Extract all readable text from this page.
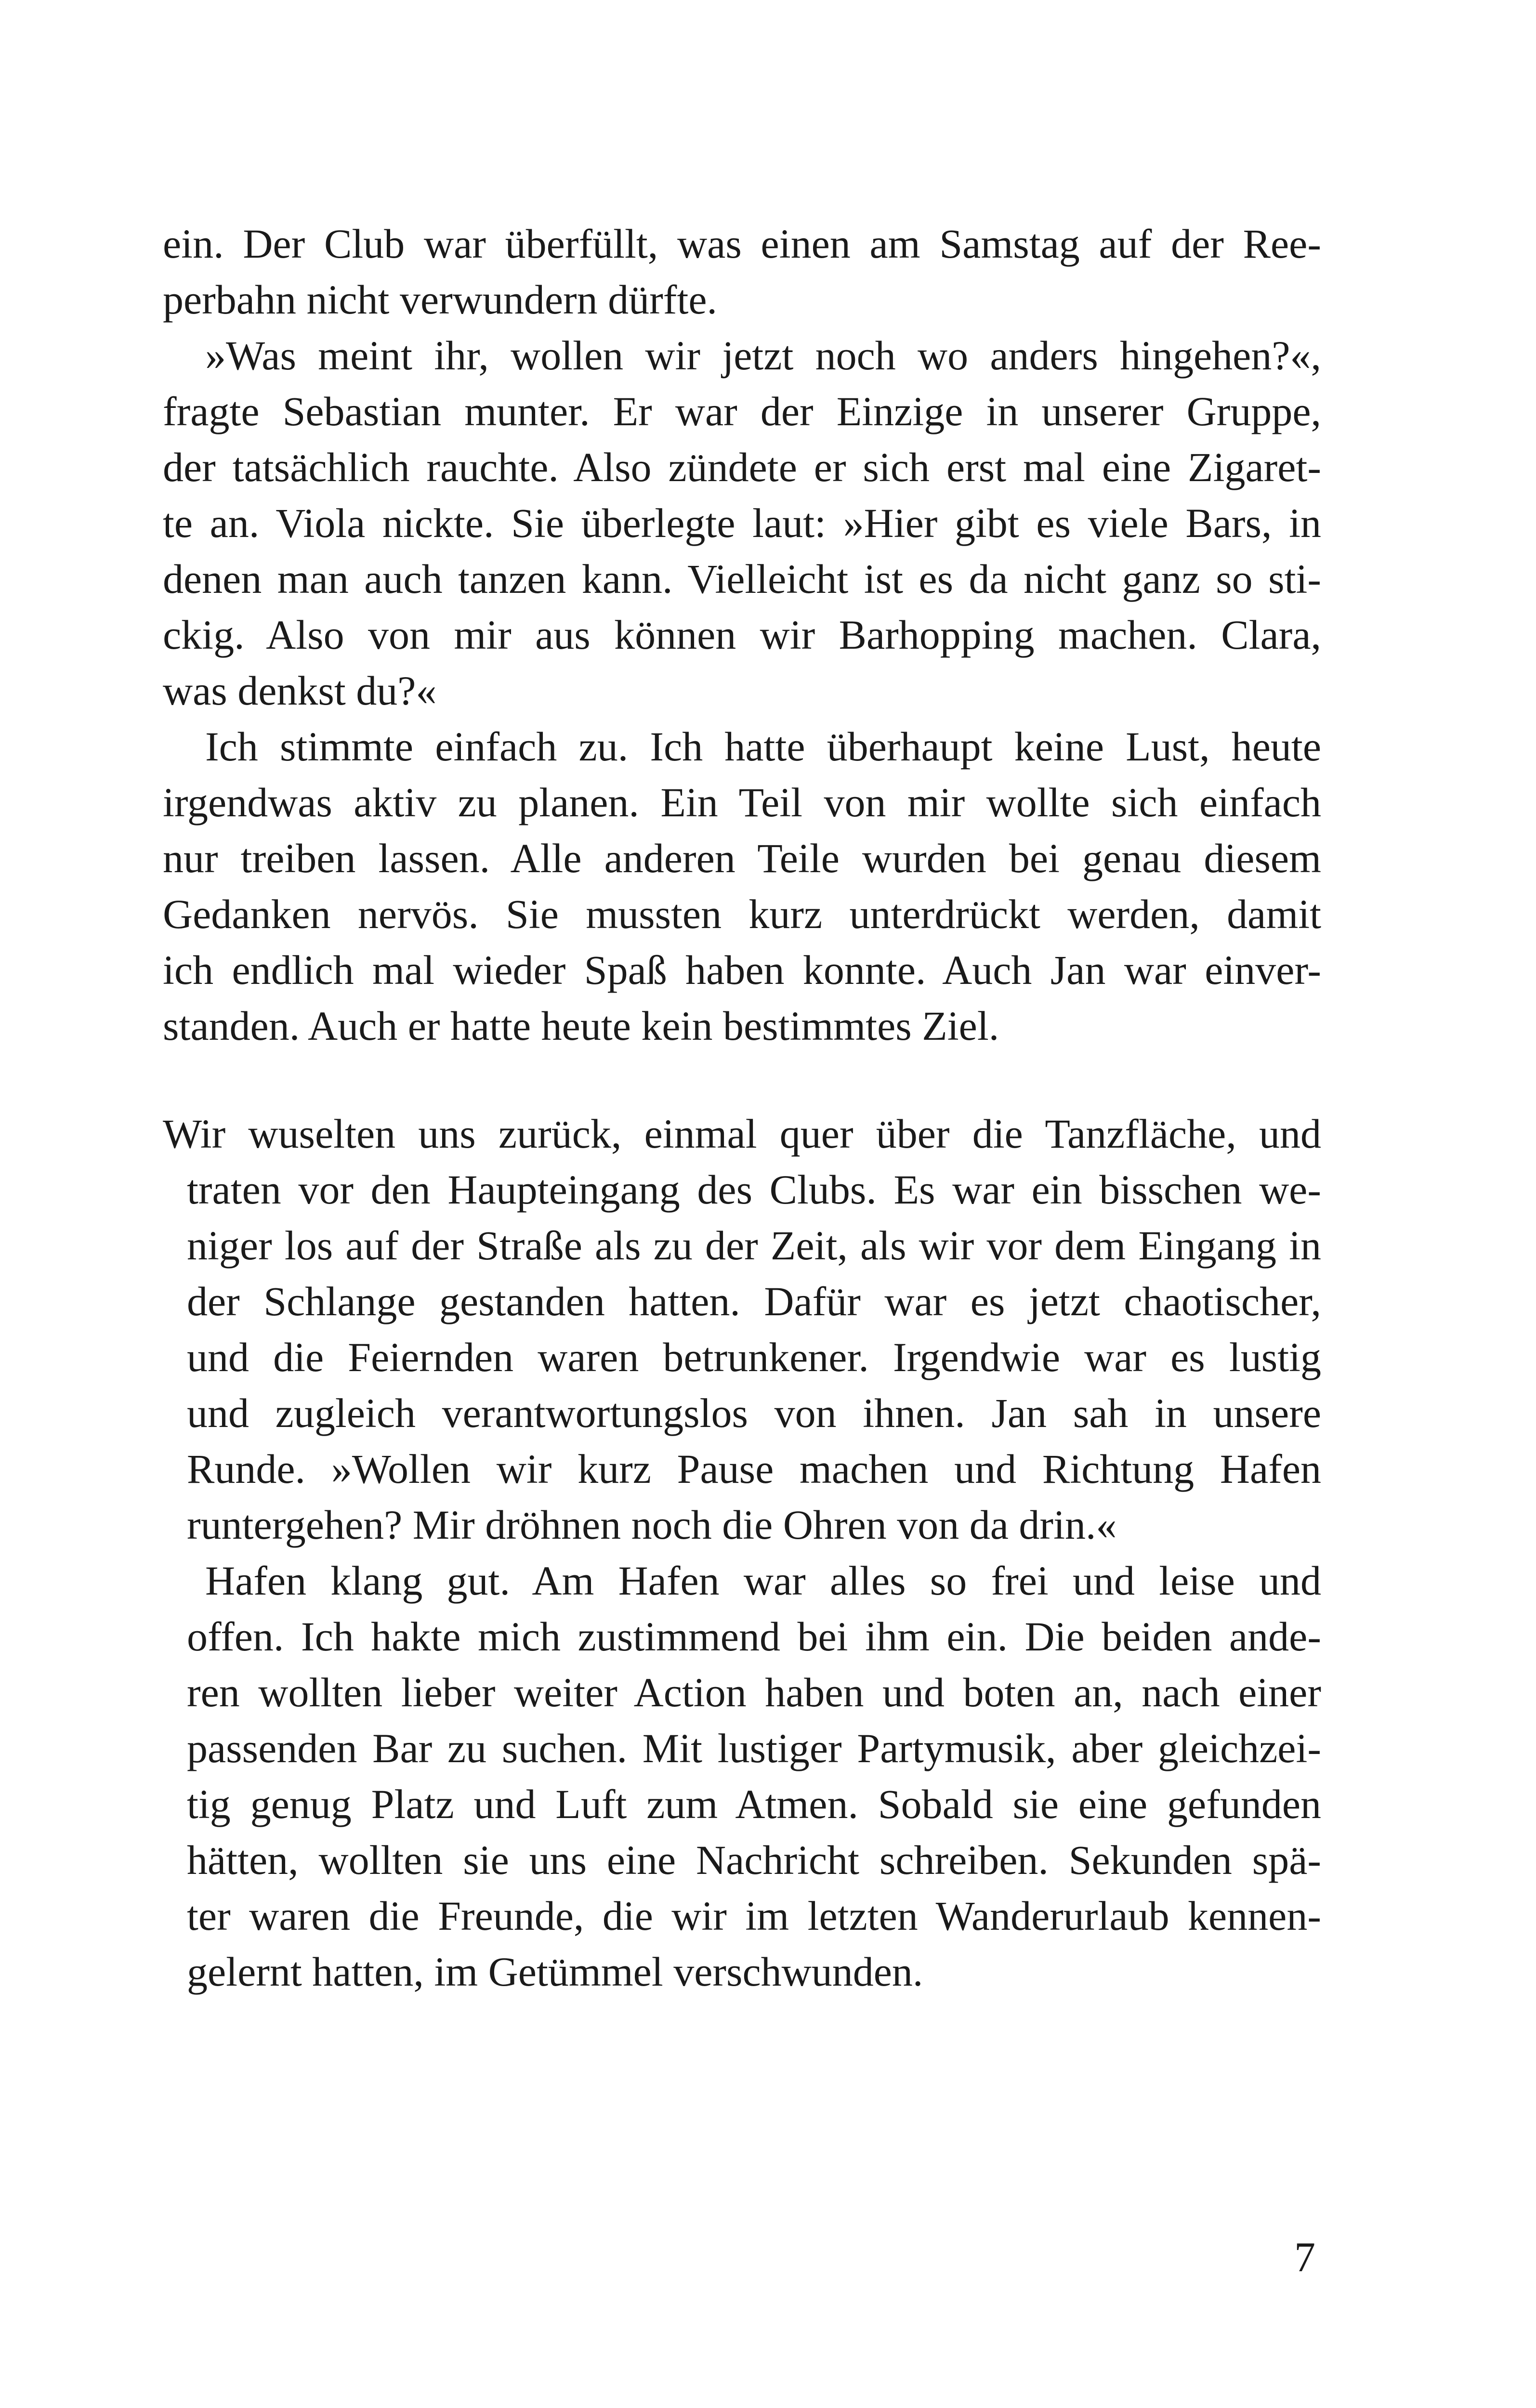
ein. Der Club war überfüllt, was einen am Samstag auf der Ree-
perbahn nicht verwundern dürfte.
»Was meint ihr, wollen wir jetzt noch wo anders hingehen?«,
fragte Sebastian munter. Er war der Einzige in unserer Gruppe,
der tatsächlich rauchte. Also zündete er sich erst mal eine Zigaret-
te an. Viola nickte. Sie überlegte laut: »Hier gibt es viele Bars, in
denen man auch tanzen kann. Vielleicht ist es da nicht ganz so sti-
ckig. Also von mir aus können wir Barhopping machen. Clara,
was denkst du?«
Ich stimmte einfach zu. Ich hatte überhaupt keine Lust, heute
irgendwas aktiv zu planen. Ein Teil von mir wollte sich einfach
nur treiben lassen. Alle anderen Teile wurden bei genau diesem
Gedanken nervös. Sie mussten kurz unterdrückt werden, damit
ich endlich mal wieder Spaß haben konnte. Auch Jan war einver-
standen. Auch er hatte heute kein bestimmtes Ziel.
Wir wuselten uns zurück, einmal quer über die Tanzfläche, und
traten vor den Haupteingang des Clubs. Es war ein bisschen we-
niger los auf der Straße als zu der Zeit, als wir vor dem Eingang in
der Schlange gestanden hatten. Dafür war es jetzt chaotischer,
und die Feiernden waren betrunkener. Irgendwie war es lustig
und zugleich verantwortungslos von ihnen. Jan sah in unsere
Runde. »Wollen wir kurz Pause machen und Richtung Hafen
runtergehen? Mir dröhnen noch die Ohren von da drin.«
Hafen klang gut. Am Hafen war alles so frei und leise und
offen. Ich hakte mich zustimmend bei ihm ein. Die beiden ande-
ren wollten lieber weiter Action haben und boten an, nach einer
passenden Bar zu suchen. Mit lustiger Partymusik, aber gleichzei-
tig genug Platz und Luft zum Atmen. Sobald sie eine gefunden
hätten, wollten sie uns eine Nachricht schreiben. Sekunden spä-
ter waren die Freunde, die wir im letzten Wanderurlaub kennen-
gelernt hatten, im Getümmel verschwunden.
7
